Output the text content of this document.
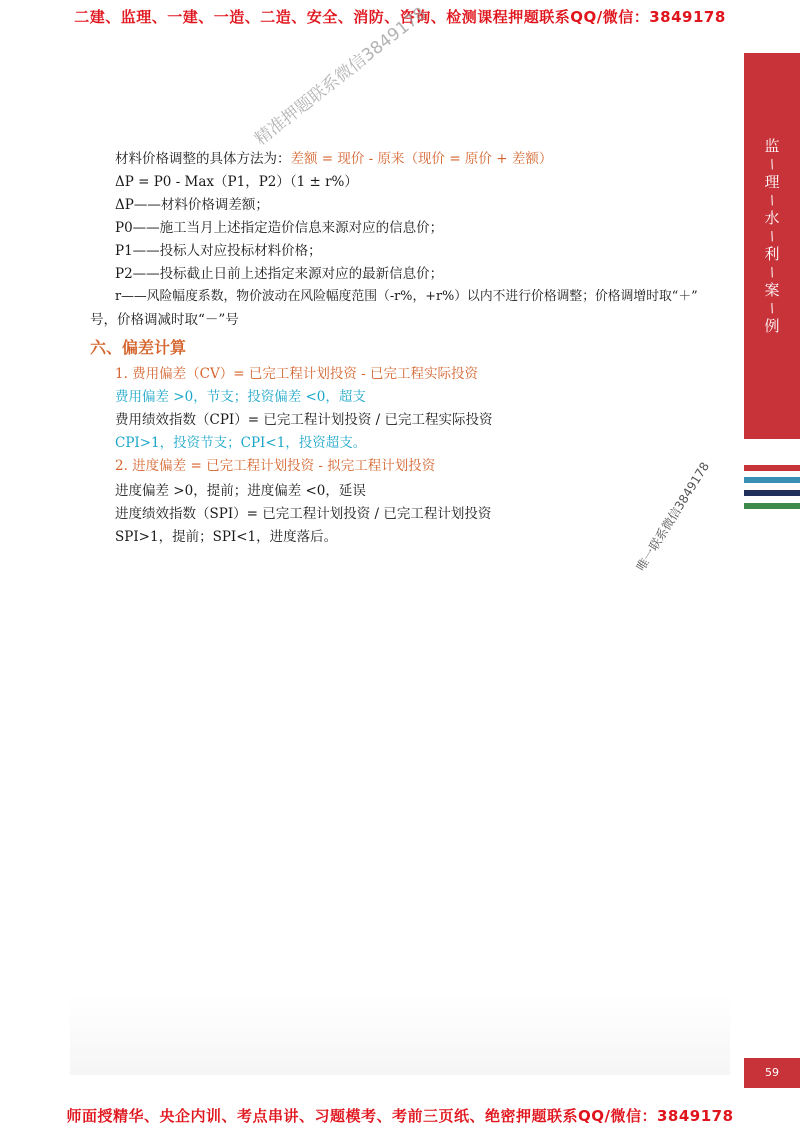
二建、监理、一建、一造、二造、安全、消防、咨询、检测课程押题联系QQ/微信：3849178
监
/
理
/
水
/
利
/
案
/
例
精准押题联系微信3849178
唯一联系微信3849178
材料价格调整的具体方法为：差额 = 现价 - 原来（现价 = 原价 + 差额）
ΔP = P0 - Max（P1，P2）（1 ± r%）
ΔP——材料价格调差额；
P0——施工当月上述指定造价信息来源对应的信息价；
P1——投标人对应投标材料价格；
P2——投标截止日前上述指定来源对应的最新信息价；
r——风险幅度系数，物价波动在风险幅度范围（-r%，+r%）以内不进行价格调整；价格调增时取“＋”
号，价格调减时取“－”号
六、偏差计算
1. 费用偏差（CV）= 已完工程计划投资 - 已完工程实际投资
费用偏差 >0，节支；投资偏差 <0，超支
费用绩效指数（CPI）= 已完工程计划投资 / 已完工程实际投资
CPI>1，投资节支；CPI<1，投资超支。
2. 进度偏差 = 已完工程计划投资 - 拟完工程计划投资
进度偏差 >0，提前；进度偏差 <0，延误
进度绩效指数（SPI）= 已完工程计划投资 / 已完工程计划投资
SPI>1，提前；SPI<1，进度落后。
59
师面授精华、央企内训、考点串讲、习题模考、考前三页纸、绝密押题联系QQ/微信：3849178
